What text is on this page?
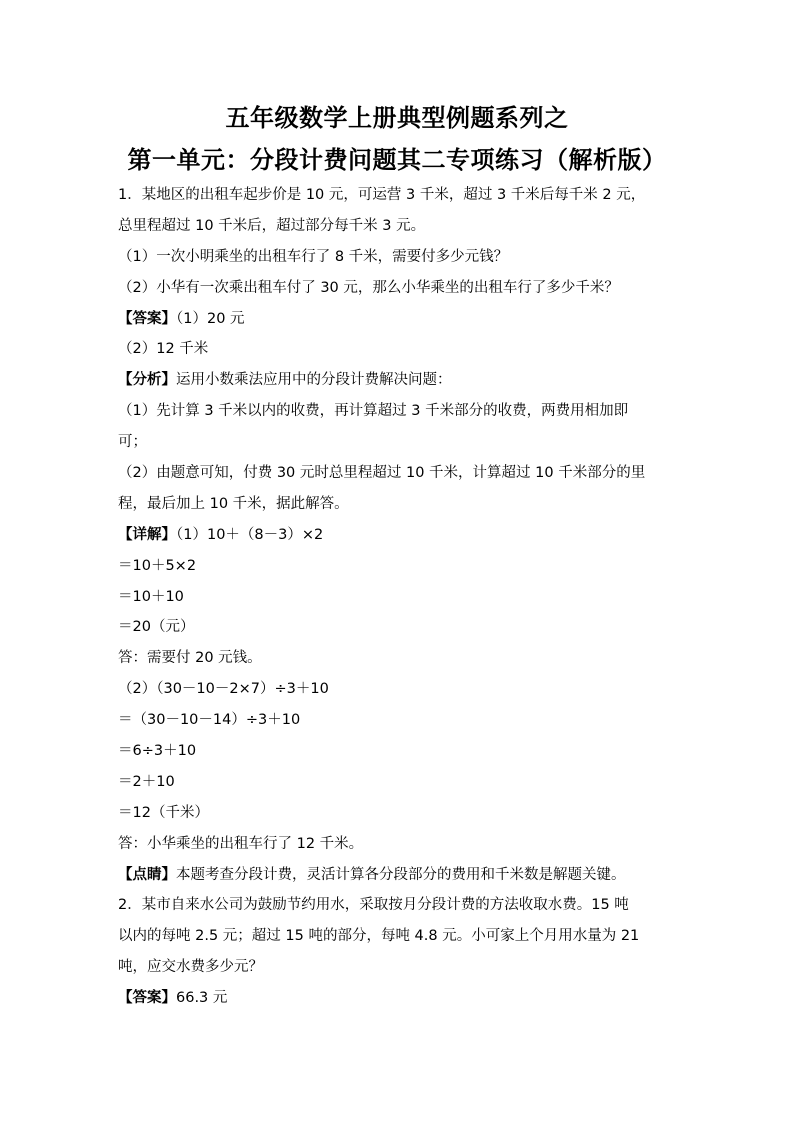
五年级数学上册典型例题系列之
第一单元：分段计费问题其二专项练习（解析版）
1．某地区的出租车起步价是 10 元，可运营 3 千米，超过 3 千米后每千米 2 元，
总里程超过 10 千米后，超过部分每千米 3 元。
（1）一次小明乘坐的出租车行了 8 千米，需要付多少元钱？
（2）小华有一次乘出租车付了 30 元，那么小华乘坐的出租车行了多少千米？
【答案】（1）20 元
（2）12 千米
【分析】运用小数乘法应用中的分段计费解决问题：
（1）先计算 3 千米以内的收费，再计算超过 3 千米部分的收费，两费用相加即
可；
（2）由题意可知，付费 30 元时总里程超过 10 千米，计算超过 10 千米部分的里
程，最后加上 10 千米，据此解答。
【详解】（1）10＋（8－3）×2
＝10＋5×2
＝10＋10
＝20（元）
答：需要付 20 元钱。
（2）（30－10－2×7）÷3＋10
＝（30－10－14）÷3＋10
＝6÷3＋10
＝2＋10
＝12（千米）
答：小华乘坐的出租车行了 12 千米。
【点睛】本题考查分段计费，灵活计算各分段部分的费用和千米数是解题关键。
2．某市自来水公司为鼓励节约用水，采取按月分段计费的方法收取水费。15 吨
以内的每吨 2.5 元；超过 15 吨的部分，每吨 4.8 元。小可家上个月用水量为 21
吨，应交水费多少元？
【答案】66.3 元
